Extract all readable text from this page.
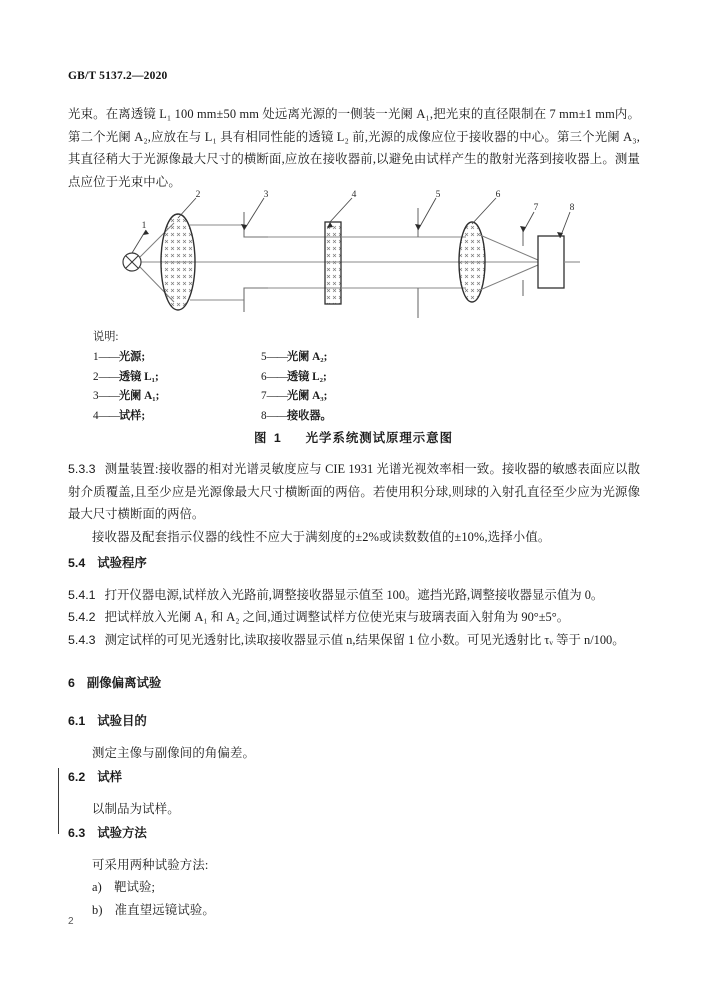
GB/T 5137.2—2020

光束。在离透镜 L₁ 100 mm±50 mm 处远离光源的一侧装一光阑 A₁,把光束的直径限制在 7 mm±1 mm内。第二个光阑 A₂,应放在与 L₁ 具有相同性能的透镜 L₂ 前,光源的成像应位于接收器的中心。第三个光阑 A₃,其直径稍大于光源像最大尺寸的横断面,应放在接收器前,以避免由试样产生的散射光落到接收器上。测量点应位于光束中心。

1
2	3	4	5	6
7	8
说明:
1——光源;	5——光阑 A₂;
2——透镜 L₁;	6——透镜 L₂;
3——光阑 A₁;	7——光阑 A₃;
4——试样;	8——接收器。
图 1 光学系统测试原理示意图

5.3.3 测量装置:接收器的相对光谱灵敏度应与 CIE 1931 光谱光视效率相一致。接收器的敏感表面应以散射介质覆盖,且至少应是光源像最大尺寸横断面的两倍。若使用积分球,则球的入射孔直径至少应为光源像最大尺寸横断面的两倍。

接收器及配套指示仪器的线性不应大于满刻度的±2%或读数数值的±10%,选择小值。

5.4 试验程序

5.4.1 打开仪器电源,试样放入光路前,调整接收器显示值至 100。遮挡光路,调整接收器显示值为 0。

5.4.2 把试样放入光阑 A₁ 和 A₂ 之间,通过调整试样方位使光束与玻璃表面入射角为 90°±5°。

5.4.3 测定试样的可见光透射比,读取接收器显示值 n,结果保留 1 位小数。可见光透射比 τᵥ 等于 n/100。

6 副像偏离试验

6.1 试验目的

测定主像与副像间的角偏差。

6.2 试样

以制品为试样。

6.3 试验方法

可采用两种试验方法:

a) 靶试验;

b) 准直望远镜试验。

2
